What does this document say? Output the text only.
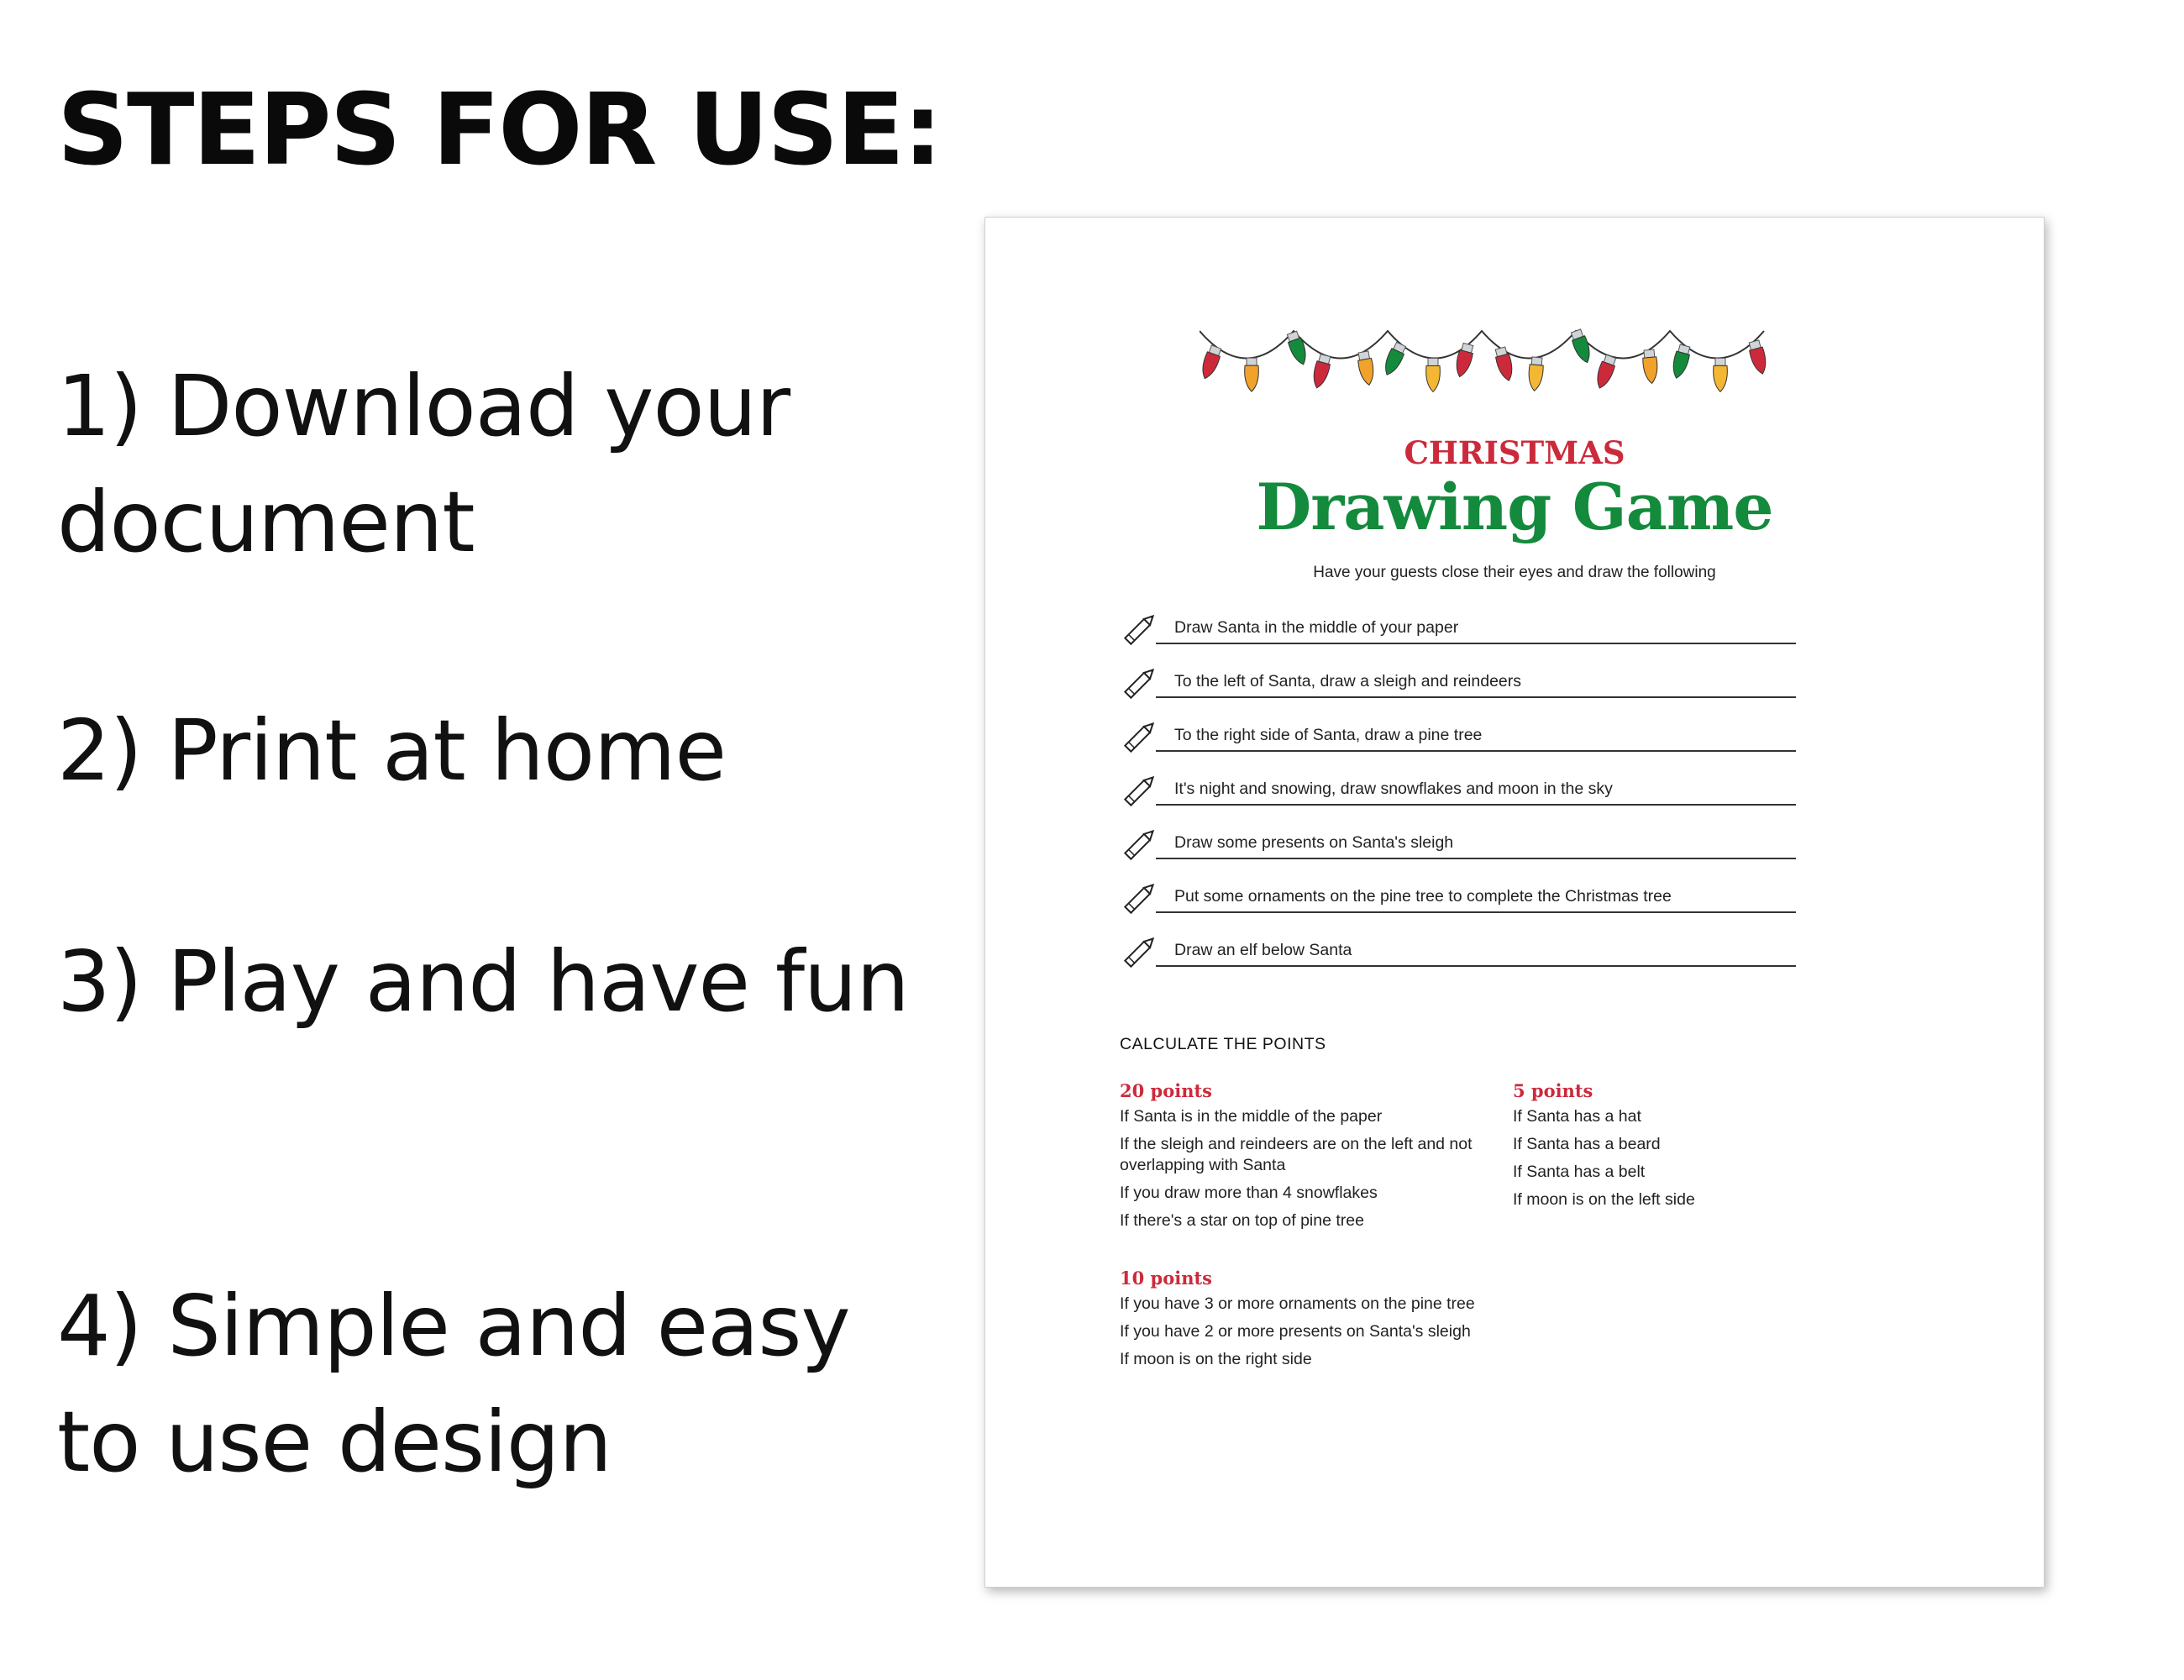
STEPS FOR USE:

1) Download your document

2) Print at home

3) Play and have fun

4) Simple and easy to use design

CHRISTMAS
Drawing Game
Have your guests close their eyes and draw the following
Draw Santa in the middle of your paper
To the left of Santa, draw a sleigh and reindeers
To the right side of Santa, draw a pine tree
It's night and snowing, draw snowflakes and moon in the sky
Draw some presents on Santa's sleigh
Put some ornaments on the pine tree to complete the Christmas tree
Draw an elf below Santa
CALCULATE THE POINTS
20 points
If Santa is in the middle of the paper
If the sleigh and reindeers are on the left and not overlapping with Santa
If you draw more than 4 snowflakes
If there's a star on top of pine tree
5 points
If Santa has a hat
If Santa has a beard
If Santa has a belt
If moon is on the left side
10 points
If you have 3 or more ornaments on the pine tree
If you have 2 or more presents on Santa's sleigh
If moon is on the right side
